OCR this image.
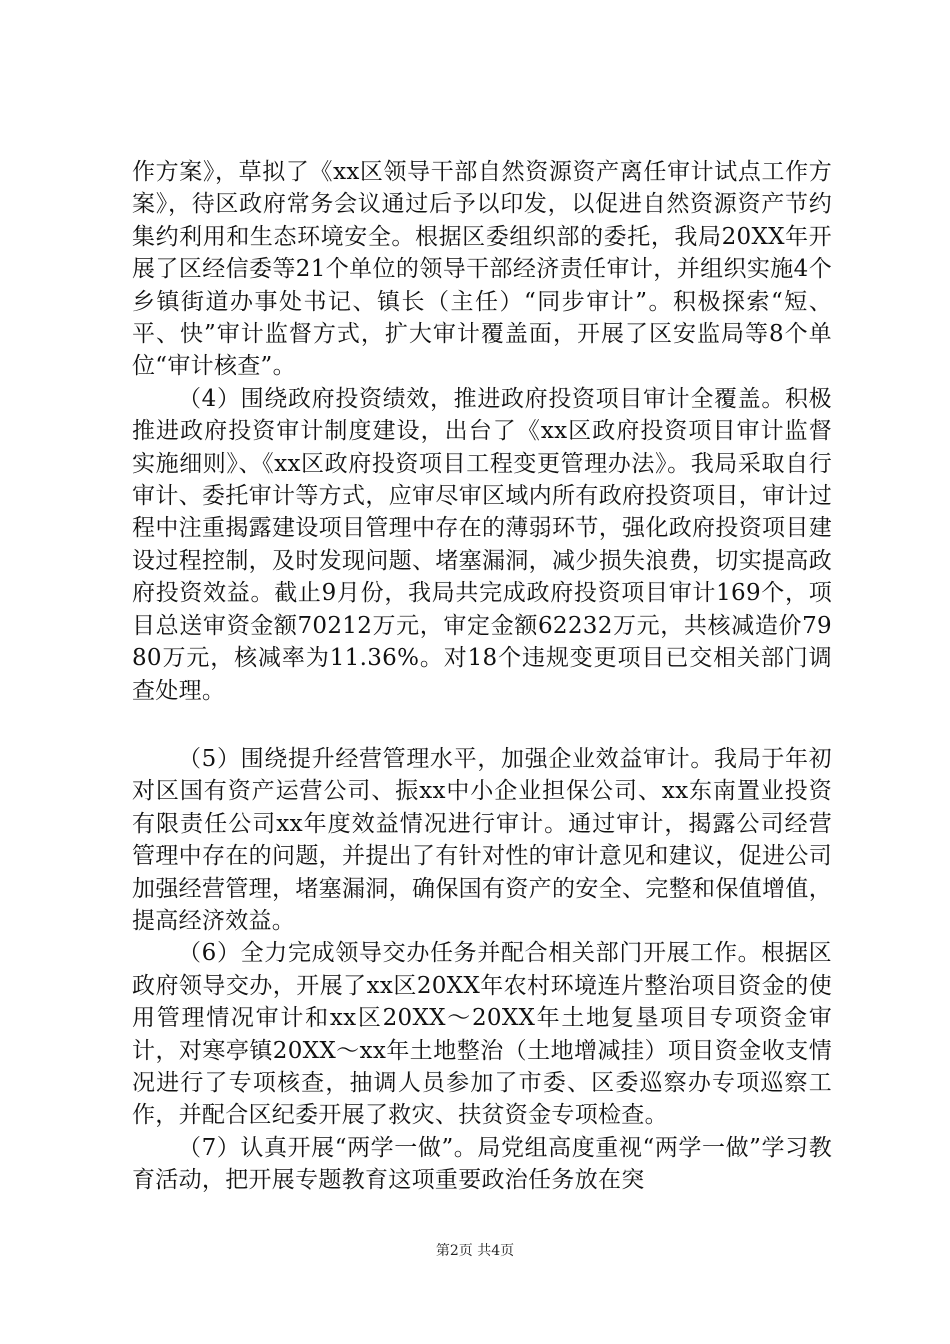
作方案》，草拟了《xx区领导干部自然资源资产离任审计试点工作方案》，待区政府常务会议通过后予以印发，以促进自然资源资产节约集约利用和生态环境安全。根据区委组织部的委托，我局20XX年开展了区经信委等21个单位的领导干部经济责任审计，并组织实施4个乡镇街道办事处书记、镇长（主任）“同步审计”。积极探索“短、平、快”审计监督方式，扩大审计覆盖面，开展了区安监局等8个单位“审计核查”。

（4）围绕政府投资绩效，推进政府投资项目审计全覆盖。积极推进政府投资审计制度建设，出台了《xx区政府投资项目审计监督实施细则》、《xx区政府投资项目工程变更管理办法》。我局采取自行审计、委托审计等方式，应审尽审区域内所有政府投资项目，审计过程中注重揭露建设项目管理中存在的薄弱环节，强化政府投资项目建设过程控制，及时发现问题、堵塞漏洞，减少损失浪费，切实提高政府投资效益。截止9月份，我局共完成政府投资项目审计169个，项目总送审资金额70212万元，审定金额62232万元，共核减造价7980万元，核减率为11.36%。对18个违规变更项目已交相关部门调查处理。

（5）围绕提升经营管理水平，加强企业效益审计。我局于年初对区国有资产运营公司、振xx中小企业担保公司、xx东南置业投资有限责任公司xx年度效益情况进行审计。通过审计，揭露公司经营管理中存在的问题，并提出了有针对性的审计意见和建议，促进公司加强经营管理，堵塞漏洞，确保国有资产的安全、完整和保值增值，提高经济效益。

（6）全力完成领导交办任务并配合相关部门开展工作。根据区政府领导交办，开展了xx区20XX年农村环境连片整治项目资金的使用管理情况审计和xx区20XX～20XX年土地复垦项目专项资金审计，对寒亭镇20XX～xx年土地整治（土地增减挂）项目资金收支情况进行了专项核查，抽调人员参加了市委、区委巡察办专项巡察工作，并配合区纪委开展了救灾、扶贫资金专项检查。

（7）认真开展“两学一做”。局党组高度重视“两学一做”学习教育活动，把开展专题教育这项重要政治任务放在突

第2页 共4页
